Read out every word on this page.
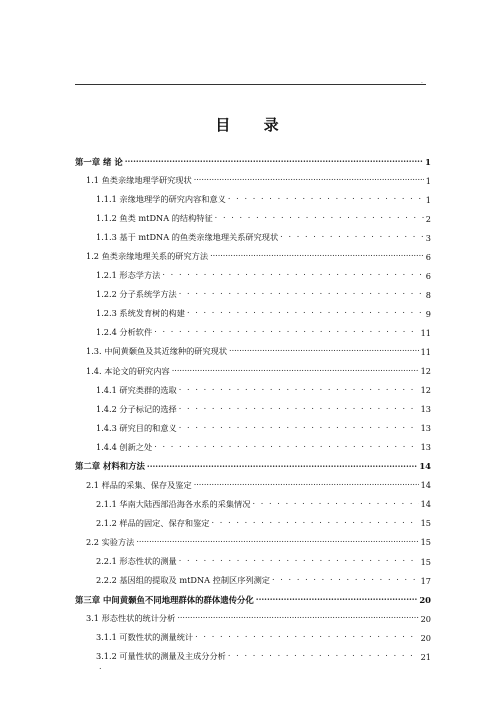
.
目 录
第一章 绪 论 .....	1
1.1 鱼类亲缘地理学研究现状 .....	1
1.1.1 亲缘地理学的研究内容和意义 . . .	1
1.1.2 鱼类 mtDNA 的结构特征 . . .	2
1.1.3 基于 mtDNA 的鱼类亲缘地理关系研究现状 . . .	3
1.2 鱼类亲缘地理关系的研究方法 .....	6
1.2.1 形态学方法 . . .	6
1.2.2 分子系统学方法 . . .	8
1.2.3 系统发育树的构建 . . .	9
1.2.4 分析软件 . . .	11
1.3. 中间黄颡鱼及其近缘种的研究现状 .....	11
1.4. 本论文的研究内容 .....	12
1.4.1 研究类群的选取 . . .	12
1.4.2 分子标记的选择 . . .	13
1.4.3 研究目的和意义 . . .	13
1.4.4 创新之处 . . .	13
第二章 材料和方法 .....	14
2.1 样品的采集、保存及鉴定 .....	14
2.1.1 华南大陆西部沿海各水系的采集情况 . . .	14
2.1.2 样品的固定、保存和鉴定 . . .	15
2.2 实验方法 .....	15
2.2.1 形态性状的测量 . . .	15
2.2.2 基因组的提取及 mtDNA 控制区序列测定 . . .	17
第三章 中间黄颡鱼不同地理群体的群体遗传分化 .....	20
3.1 形态性状的统计分析 .....	20
3.1.1 可数性状的测量统计 . . .	20
3.1.2 可量性状的测量及主成分分析 . . .	21
.
